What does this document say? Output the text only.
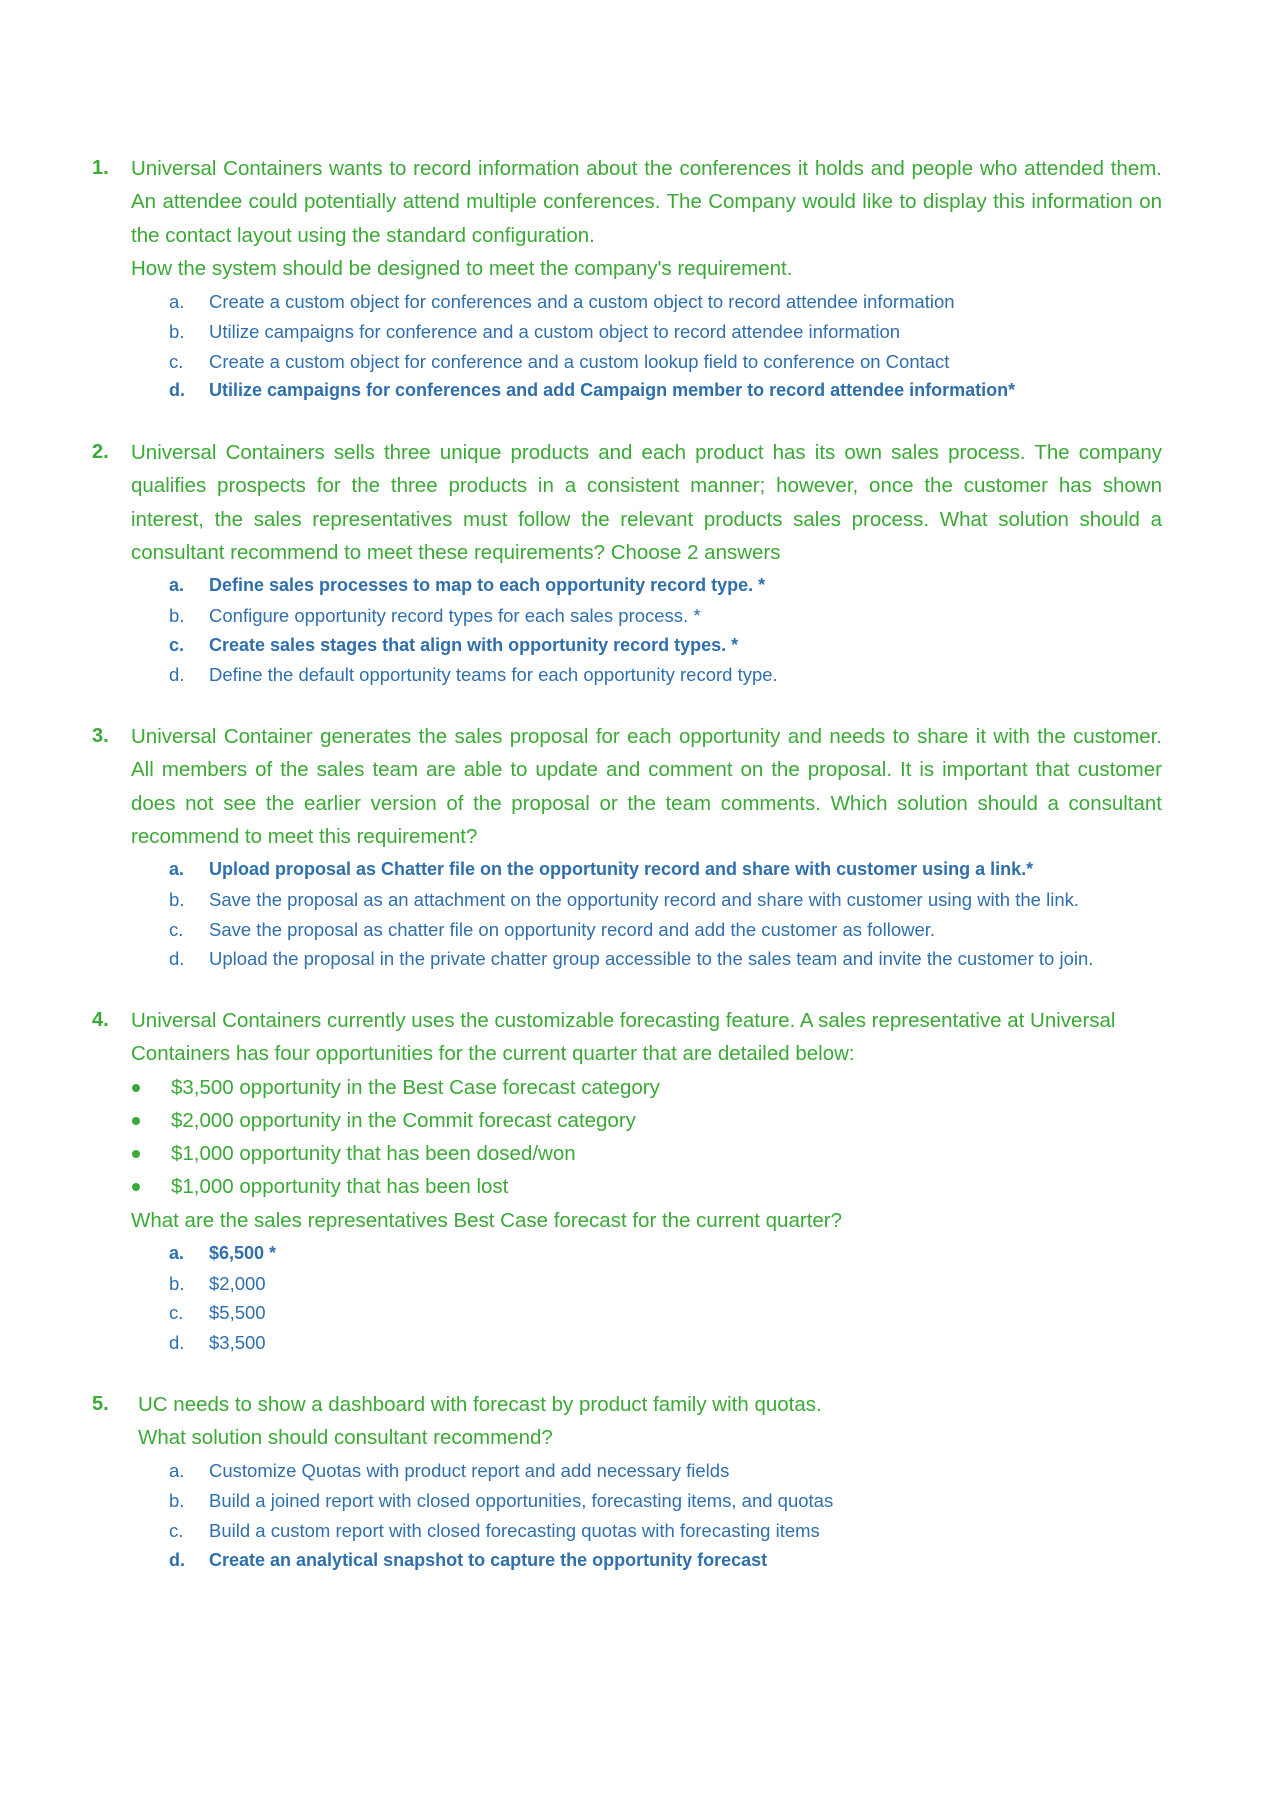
1. Universal Containers wants to record information about the conferences it holds and people who attended them. An attendee could potentially attend multiple conferences. The Company would like to display this information on the contact layout using the standard configuration.
How the system should be designed to meet the company's requirement.
a. Create a custom object for conferences and a custom object to record attendee information
b. Utilize campaigns for conference and a custom object to record attendee information
c. Create a custom object for conference and a custom lookup field to conference on Contact
d. Utilize campaigns for conferences and add Campaign member to record attendee information*
2. Universal Containers sells three unique products and each product has its own sales process. The company qualifies prospects for the three products in a consistent manner; however, once the customer has shown interest, the sales representatives must follow the relevant products sales process. What solution should a consultant recommend to meet these requirements? Choose 2 answers
a. Define sales processes to map to each opportunity record type. *
b. Configure opportunity record types for each sales process. *
c. Create sales stages that align with opportunity record types. *
d. Define the default opportunity teams for each opportunity record type.
3. Universal Container generates the sales proposal for each opportunity and needs to share it with the customer. All members of the sales team are able to update and comment on the proposal. It is important that customer does not see the earlier version of the proposal or the team comments. Which solution should a consultant recommend to meet this requirement?
a. Upload proposal as Chatter file on the opportunity record and share with customer using a link.*
b. Save the proposal as an attachment on the opportunity record and share with customer using with the link.
c. Save the proposal as chatter file on opportunity record and add the customer as follower.
d. Upload the proposal in the private chatter group accessible to the sales team and invite the customer to join.
4. Universal Containers currently uses the customizable forecasting feature. A sales representative at Universal Containers has four opportunities for the current quarter that are detailed below:
$3,500 opportunity in the Best Case forecast category
$2,000 opportunity in the Commit forecast category
$1,000 opportunity that has been dosed/won
$1,000 opportunity that has been lost
What are the sales representatives Best Case forecast for the current quarter?
a. $6,500 *
b. $2,000
c. $5,500
d. $3,500
5. UC needs to show a dashboard with forecast by product family with quotas.
What solution should consultant recommend?
a. Customize Quotas with product report and add necessary fields
b. Build a joined report with closed opportunities, forecasting items, and quotas
c. Build a custom report with closed forecasting quotas with forecasting items
d. Create an analytical snapshot to capture the opportunity forecast
